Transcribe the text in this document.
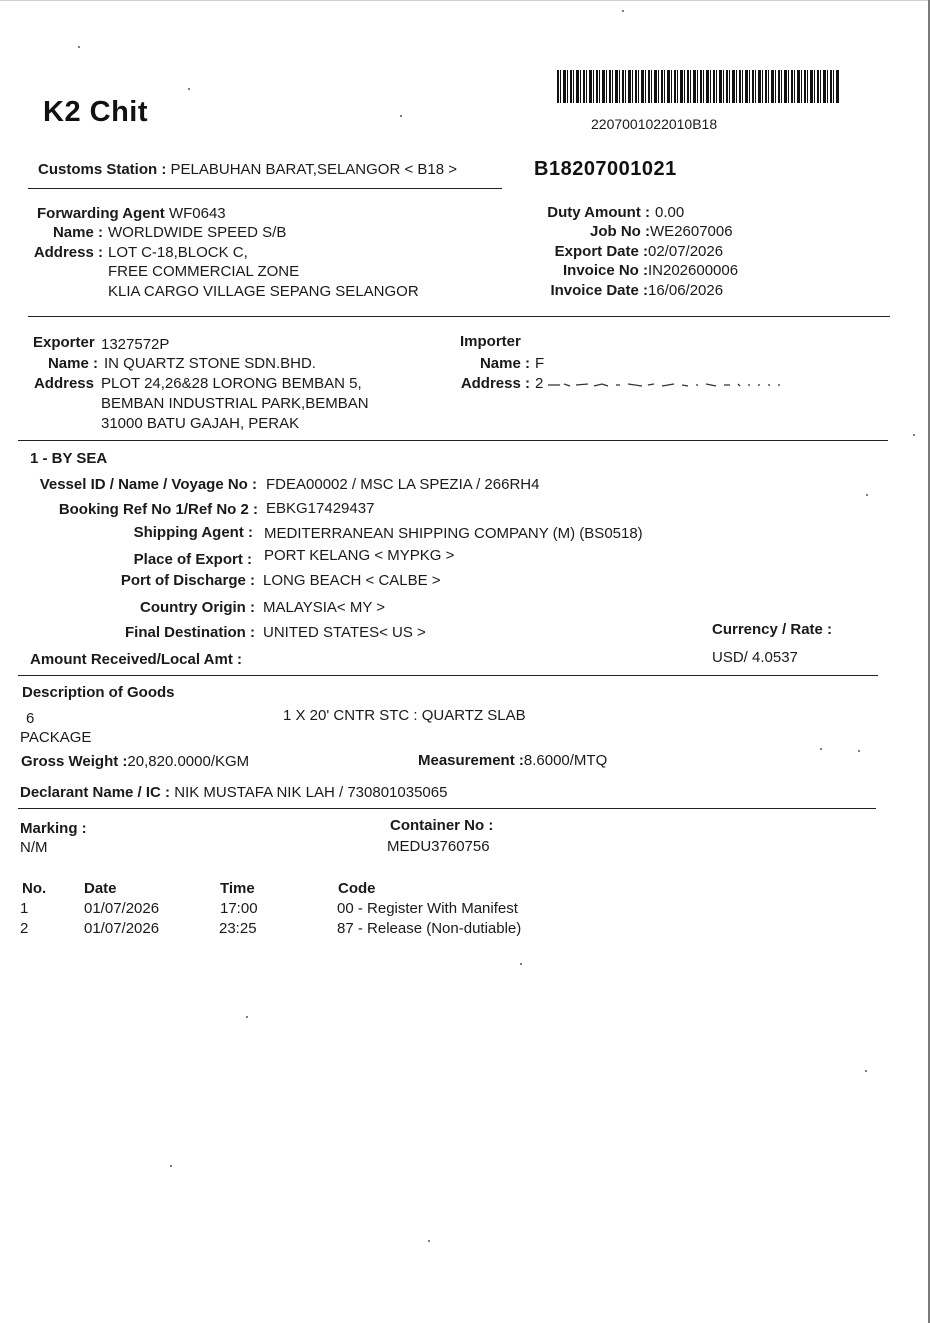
K2 Chit	2207001022010B18
Customs Station : PELABUHAN BARAT,SELANGOR < B18 >	B18207001021
Forwarding Agent WF0643
Name : WORLDWIDE SPEED S/B
Address : LOT C-18,BLOCK C,
FREE COMMERCIAL ZONE
KLIA CARGO VILLAGE SEPANG SELANGOR
Duty Amount : 0.00
Job No : WE2607006
Export Date : 02/07/2026
Invoice No : IN202600006
Invoice Date : 16/06/2026
Exporter 1327572P
Name : IN QUARTZ STONE SDN.BHD.
Address PLOT 24,26&28 LORONG BEMBAN 5,
BEMBAN INDUSTRIAL PARK,BEMBAN
31000 BATU GAJAH, PERAK
Importer
Name : F
Address : 2
1 - BY SEA
Vessel ID / Name / Voyage No : FDEA00002 / MSC LA SPEZIA / 266RH4
Booking Ref No 1/Ref No 2 : EBKG17429437
Shipping Agent : MEDITERRANEAN SHIPPING COMPANY (M) (BS0518)
Place of Export : PORT KELANG < MYPKG >
Port of Discharge : LONG BEACH < CALBE >
Country Origin : MALAYSIA< MY >
Final Destination : UNITED STATES< US >	Currency / Rate :
USD/ 4.0537
Amount Received/Local Amt :
Description of Goods
6
PACKAGE
1 X 20' CNTR STC : QUARTZ SLAB
Gross Weight :20,820.0000/KGM	Measurement :8.6000/MTQ
Declarant Name / IC : NIK MUSTAFA NIK LAH / 730801035065
Marking :
N/M
Container No :
MEDU3760756
No.	Date	Time	Code
1	01/07/2026	17:00	00 - Register With Manifest
2	01/07/2026	23:25	87 - Release (Non-dutiable)
